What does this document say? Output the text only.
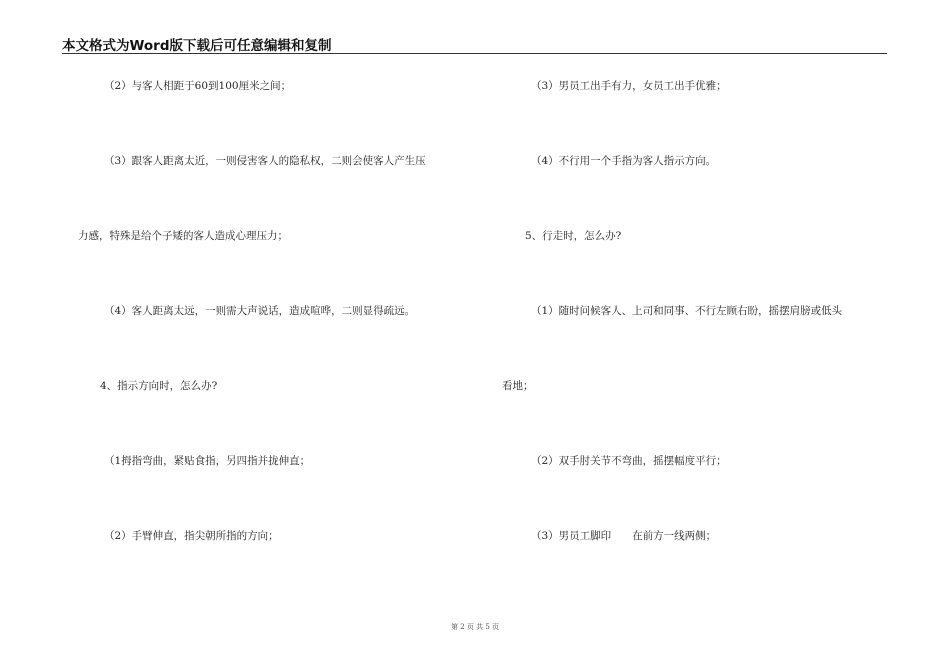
本文格式为Word版下载后可任意编辑和复制
（2）与客人相距于60到100厘米之间；
（3）跟客人距离太近，一则侵害客人的隐私权，二则会使客人产生压
力感，特殊是给个子矮的客人造成心理压力；
（4）客人距离太远，一则需大声说话，造成喧哗，二则显得疏远。
4、指示方向时，怎么办?
（1拇指弯曲，紧贴食指，另四指并拢伸直；
（2）手臂伸直，指尖朝所指的方向；
（3）男员工出手有力，女员工出手优雅；
（4）不行用一个手指为客人指示方向。
5、行走时，怎么办?
（1）随时问候客人、上司和同事、不行左顾右盼，摇摆肩膀或低头
看地；
（2）双手肘关节不弯曲，摇摆幅度平行；
（3）男员工脚印　　在前方一线两侧；
第 2 页 共 5 页
